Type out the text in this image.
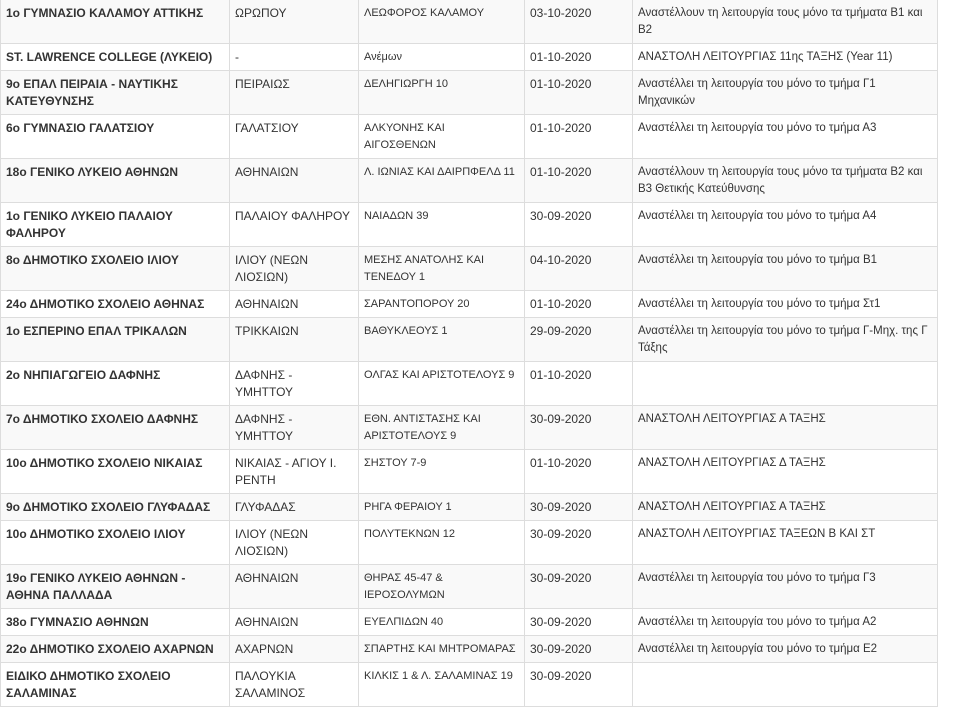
1ο ΓΥΜΝΑΣΙΟ ΚΑΛΑΜΟΥ ΑΤΤΙΚΗΣ	ΩΡΩΠΟΥ	ΛΕΩΦΟΡΟΣ ΚΑΛΑΜΟΥ	03-10-2020	Αναστέλλουν τη λειτουργία τους μόνο τα τμήματα Β1 και Β2
ST. LAWRENCE COLLEGE (ΛΥΚΕΙΟ)	-	Ανέμων	01-10-2020	ΑΝΑΣΤΟΛΗ ΛΕΙΤΟΥΡΓΙΑΣ 11ης ΤΑΞΗΣ (Year 11)
9ο ΕΠΑΛ ΠΕΙΡΑΙΑ - ΝΑΥΤΙΚΗΣ ΚΑΤΕΥΘΥΝΣΗΣ	ΠΕΙΡΑΙΩΣ	ΔΕΛΗΓΙΩΡΓΗ 10	01-10-2020	Αναστέλλει τη λειτουργία του μόνο το τμήμα Γ1 Μηχανικών
6ο ΓΥΜΝΑΣΙΟ ΓΑΛΑΤΣΙΟΥ	ΓΑΛΑΤΣΙΟΥ	ΑΛΚΥΟΝΗΣ ΚΑΙ ΑΙΓΟΣΘΕΝΩΝ	01-10-2020	Αναστέλλει τη λειτουργία του μόνο το τμήμα Α3
18ο ΓΕΝΙΚΟ ΛΥΚΕΙΟ ΑΘΗΝΩΝ	ΑΘΗΝΑΙΩΝ	Λ. ΙΩΝΙΑΣ ΚΑΙ ΔΑΙΡΠΦΕΛΔ 11	01-10-2020	Αναστέλλουν τη λειτουργία τους μόνο τα τμήματα Β2 και Β3 Θετικής Κατεύθυνσης
1ο ΓΕΝΙΚΟ ΛΥΚΕΙΟ ΠΑΛΑΙΟΥ ΦΑΛΗΡΟΥ	ΠΑΛΑΙΟΥ ΦΑΛΗΡΟΥ	ΝΑΙΑΔΩΝ 39	30-09-2020	Αναστέλλει τη λειτουργία του μόνο το τμήμα Α4
8ο ΔΗΜΟΤΙΚΟ ΣΧΟΛΕΙΟ ΙΛΙΟΥ	ΙΛΙΟΥ (ΝΕΩΝ ΛΙΟΣΙΩΝ)	ΜΕΣΗΣ ΑΝΑΤΟΛΗΣ ΚΑΙ ΤΕΝΕΔΟΥ 1	04-10-2020	Αναστέλλει τη λειτουργία του μόνο το τμήμα Β1
24ο ΔΗΜΟΤΙΚΟ ΣΧΟΛΕΙΟ ΑΘΗΝΑΣ	ΑΘΗΝΑΙΩΝ	ΣΑΡΑΝΤΟΠΟΡΟΥ 20	01-10-2020	Αναστέλλει τη λειτουργία του μόνο το τμήμα Στ1
1ο ΕΣΠΕΡΙΝΟ ΕΠΑΛ ΤΡΙΚΑΛΩΝ	ΤΡΙΚΚΑΙΩΝ	ΒΑΘΥΚΛΕΟΥΣ 1	29-09-2020	Αναστέλλει τη λειτουργία του μόνο το τμήμα Γ-Μηχ. της Γ Τάξης
2ο ΝΗΠΙΑΓΩΓΕΙΟ ΔΑΦΝΗΣ	ΔΑΦΝΗΣ - ΥΜΗΤΤΟΥ	ΟΛΓΑΣ ΚΑΙ ΑΡΙΣΤΟΤΕΛΟΥΣ 9	01-10-2020	
7ο ΔΗΜΟΤΙΚΟ ΣΧΟΛΕΙΟ ΔΑΦΝΗΣ	ΔΑΦΝΗΣ - ΥΜΗΤΤΟΥ	ΕΘΝ. ΑΝΤΙΣΤΑΣΗΣ ΚΑΙ ΑΡΙΣΤΟΤΕΛΟΥΣ 9	30-09-2020	ΑΝΑΣΤΟΛΗ ΛΕΙΤΟΥΡΓΙΑΣ Α ΤΑΞΗΣ
10ο ΔΗΜΟΤΙΚΟ ΣΧΟΛΕΙΟ ΝΙΚΑΙΑΣ	ΝΙΚΑΙΑΣ - ΑΓΙΟΥ Ι. ΡΕΝΤΗ	ΣΗΣΤΟΥ 7-9	01-10-2020	ΑΝΑΣΤΟΛΗ ΛΕΙΤΟΥΡΓΙΑΣ Δ ΤΑΞΗΣ
9ο ΔΗΜΟΤΙΚΟ ΣΧΟΛΕΙΟ ΓΛΥΦΑΔΑΣ	ΓΛΥΦΑΔΑΣ	ΡΗΓΑ ΦΕΡΑΙΟΥ 1	30-09-2020	ΑΝΑΣΤΟΛΗ ΛΕΙΤΟΥΡΓΙΑΣ Α ΤΑΞΗΣ
10ο ΔΗΜΟΤΙΚΟ ΣΧΟΛΕΙΟ ΙΛΙΟΥ	ΙΛΙΟΥ (ΝΕΩΝ ΛΙΟΣΙΩΝ)	ΠΟΛΥΤΕΚΝΩΝ 12	30-09-2020	ΑΝΑΣΤΟΛΗ ΛΕΙΤΟΥΡΓΙΑΣ ΤΑΞΕΩΝ Β ΚΑΙ ΣΤ
19ο ΓΕΝΙΚΟ ΛΥΚΕΙΟ ΑΘΗΝΩΝ - ΑΘΗΝΑ ΠΑΛΛΑΔΑ	ΑΘΗΝΑΙΩΝ	ΘΗΡΑΣ 45-47 & ΙΕΡΟΣΟΛΥΜΩΝ	30-09-2020	Αναστέλλει τη λειτουργία του μόνο το τμήμα Γ3
38ο ΓΥΜΝΑΣΙΟ ΑΘΗΝΩΝ	ΑΘΗΝΑΙΩΝ	ΕΥΕΛΠΙΔΩΝ 40	30-09-2020	Αναστέλλει τη λειτουργία του μόνο το τμήμα Α2
22ο ΔΗΜΟΤΙΚΟ ΣΧΟΛΕΙΟ ΑΧΑΡΝΩΝ	ΑΧΑΡΝΩΝ	ΣΠΑΡΤΗΣ ΚΑΙ ΜΗΤΡΟΜΑΡΑΣ	30-09-2020	Αναστέλλει τη λειτουργία του μόνο το τμήμα Ε2
ΕΙΔΙΚΟ ΔΗΜΟΤΙΚΟ ΣΧΟΛΕΙΟ ΣΑΛΑΜΙΝΑΣ	ΠΑΛΟΥΚΙΑ ΣΑΛΑΜΙΝΟΣ	ΚΙΛΚΙΣ 1 & Λ. ΣΑΛΑΜΙΝΑΣ 19	30-09-2020	
